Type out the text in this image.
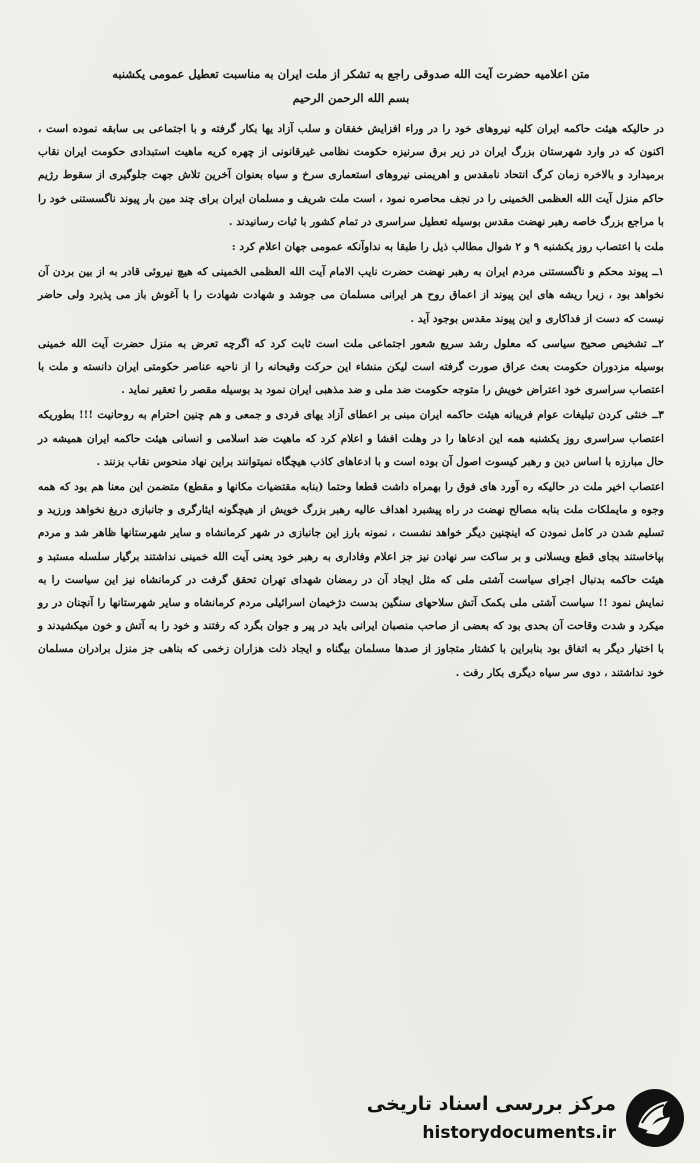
متن اعلامیه حضرت آیت الله صدوقی راجع به تشکر از ملت ایران به مناسبت تعطیل عمومی یکشنبه
بسم الله الرحمن الرحیم

در حالیکه هیئت حاکمه ایران کلیه نیروهای خود را در وراء افزایش خفقان و سلب آزاد یها بکار گرفته و با اجتماعی بی سابقه نموده است ، اکنون که در وارد شهرستان بزرگ ایران در زیر برق سرنیزه حکومت نظامی غیرقانونی از چهره کریه ماهیت استبدادی حکومت ایران نقاب برمیدارد و بالاخره زمان کرگ انتحاد نامقدس و اهریمنی نیروهای استعماری سرخ و سیاه بعنوان آخرین تلاش جهت جلوگیری از سقوط رژیم حاکم منزل آیت الله العظمی الخمینی را در نجف محاصره نمود ، است ملت شریف و مسلمان ایران برای چند مین بار پیوند ناگسستنی خود را با مراجع بزرگ خاصه رهبر نهضت مقدس بوسیله تعطیل سراسری در تمام کشور با ثبات رسانیدند .

ملت با اعتصاب روز یکشنبه ۹ و ۲ شوال مطالب ذیل را طبقا به نداوآنکه عمومی جهان اعلام کرد :

۱ــ پیوند محکم و ناگسستنی مردم ایران به رهبر نهضت حضرت نایب الامام آیت الله العظمی الخمینی که هیچ نیروئی قادر به از بین بردن آن نخواهد بود ، زیرا ریشه های این پیوند از اعماق روح هر ایرانی مسلمان می جوشد و شهادت شهادت را با آغوش باز می پذیرد ولی حاضر نیست که دست از فداکاری و این پیوند مقدس بوجود آید .

۲ــ تشخیص صحیح سیاسی که معلول رشد سریع شعور اجتماعی ملت است ثابت کرد که اگرچه تعرض به منزل حضرت آیت الله خمینی بوسیله مزدوران حکومت بعث عراق صورت گرفته است لیکن منشاء این حرکت وقیحانه را از ناحیه عناصر حکومتی ایران دانسته و ملت با اعتصاب سراسری خود اعتراض خویش را متوجه حکومت ضد ملی و ضد مذهبی ایران نمود بد بوسیله مقصر را تعقیر نماید .

۳ــ خنثی کردن تبلیغات عوام فریبانه هیئت حاکمه ایران مبنی بر اعطای آزاد یهای فردی و جمعی و هم چنین احترام به روحانیت !!! بطوریکه اعتصاب سراسری روز یکشنبه همه این ادعاها را در وهلت افشا و اعلام کرد که ماهیت ضد اسلامی و انسانی هیئت حاکمه ایران همیشه در حال مبارزه با اساس دین و رهبر کیسوت اصول آن بوده است و با ادعاهای کاذب هیچگاه نمیتوانند براین نهاد منحوس نقاب بزنند .

اعتصاب اخیر ملت در حالیکه ره آورد های فوق را بهمراه داشت قطعا وحتما (بنابه مقتضیات مکانها و مقطع) متضمن این معنا هم بود که همه وجوه و مایملکات ملت بنابه مصالح نهضت در راه پیشبرد اهداف عالیه رهبر بزرگ خویش از هیچگونه ایثارگری و جانبازی دریغ نخواهد ورزید و تسلیم شدن در کامل نمودن که اینچنین دیگر خواهد نشست ، نمونه بارز این جانبازی در شهر کرمانشاه و سایر شهرستانها ظاهر شد و مردم بپاخاستند بجای قطع ویسلانی و بر ساکت سر نهادن نیز جز اعلام وفاداری به رهبر خود یعنی آیت الله خمینی نداشتند برگیار سلسله مستبد و هیئت حاکمه بدنبال اجرای سیاست آشتی ملی که مثل ایجاد آن در رمضان شهدای تهران تحقق گرفت در کرمانشاه نیز این سیاست را به نمایش نمود !! سیاست آشتی ملی بکمک آتش سلاحهای سنگین بدست دژخیمان اسرائیلی مردم کرمانشاه و سایر شهرستانها را آنچنان در رو میکرد و شدت وقاحت آن بحدی بود که بعضی از صاحب منصبان ایرانی باید در پیر و جوان بگرد که رفتند و خود را به آتش و خون میکشیدند و با اختیار دیگر به اتفاق بود بنابراین با کشتار متجاوز از صدها مسلمان بیگناه و ایجاد ذلت هزاران زخمی که بناهی جز منزل برادران مسلمان خود نداشتند ، دوی سر سیاه دیگری بکار رفت .

مرکز بررسی اسناد تاریخی
historydocuments.ir
